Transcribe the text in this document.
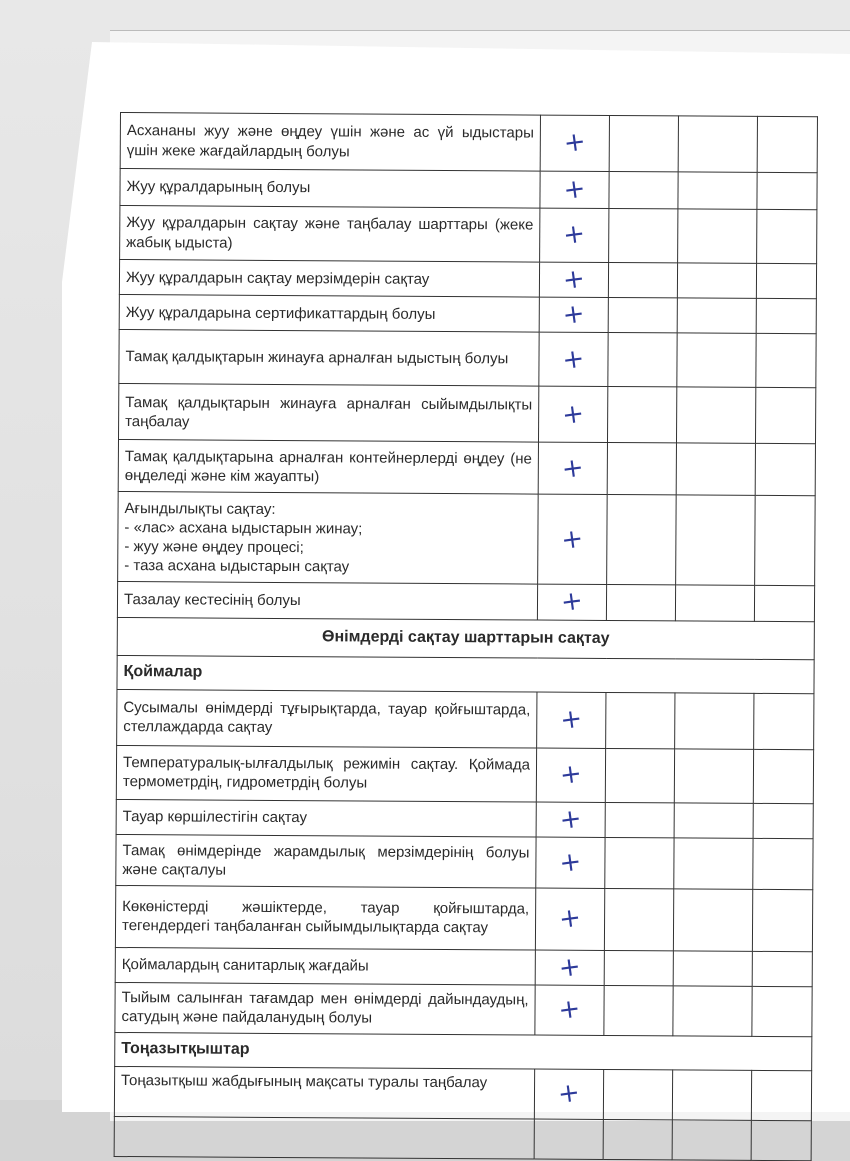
Асхананы жуу және өңдеу үшін және ас үй ыдыстары үшін жеке жағдайлардың болуы	+			
Жуу құралдарының болуы	+			
Жуу құралдарын сақтау және таңбалау шарттары (жеке жабық ыдыста)	+			
Жуу құралдарын сақтау мерзімдерін сақтау	+			
Жуу құралдарына сертификаттардың болуы	+			
Тамақ қалдықтарын жинауға арналған ыдыстың болуы	+			
Тамақ қалдықтарын жинауға арналған сыйымдылықты таңбалау	+			
Тамақ қалдықтарына арналған контейнерлерді өңдеу (не өңделеді және кім жауапты)	+			

Ағындылықты сақтау:
- «лас» асхана ыдыстарын жинау;
- жуу және өңдеу процесі;
- таза асхана ыдыстарын сақтау	+			
Тазалау кестесінің болуы	+			
Өнімдерді сақтау шарттарын сақтау				
Қоймалар				
Сусымалы өнімдерді тұғырықтарда, тауар қойғыштарда, стеллаждарда сақтау	+			
Температуралық-ылғалдылық режимін сақтау. Қоймада термометрдің, гидрометрдің болуы	+			
Тауар көршілестігін сақтау	+			
Тамақ өнімдерінде жарамдылық мерзімдерінің болуы және сақталуы	+			
Көкөністерді жәшіктерде, тауар қойғыштарда, тегендердегі таңбаланған сыйымдылықтарда сақтау	+			
Қоймалардың санитарлық жағдайы	+			
Тыйым салынған тағамдар мен өнімдерді дайындаудың, сатудың және пайдаланудың болуы	+			
Тоңазытқыштар				
Тоңазытқыш жабдығының мақсаты туралы таңбалау	+			
